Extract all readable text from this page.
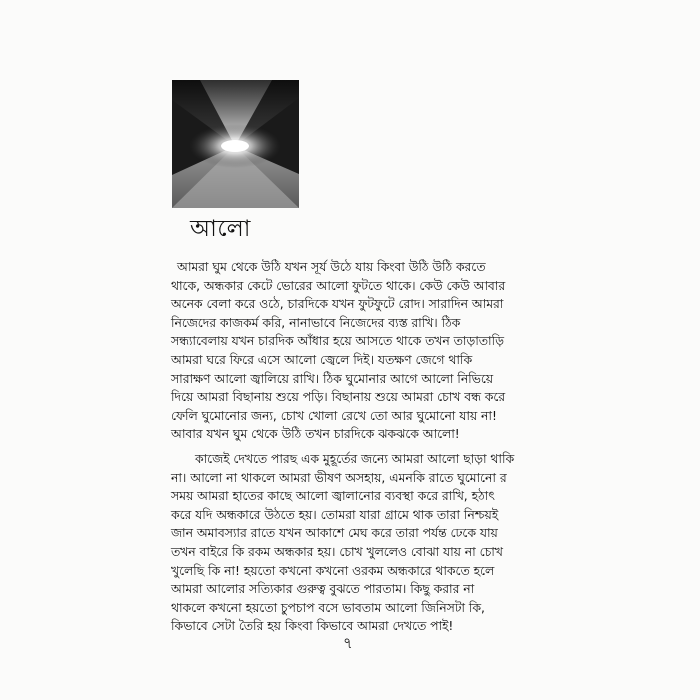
আলো

আমরা ঘুম থেকে উঠি যখন সূর্য উঠে যায় কিংবা উঠি উঠি করতে

থাকে, অন্ধকার কেটে ভোরের আলো ফুটতে থাকে। কেউ কেউ আবার

অনেক বেলা করে ওঠে, চারদিকে যখন ফুটফুটে রোদ। সারাদিন আমরা

নিজেদের কাজকর্ম করি, নানাভাবে নিজেদের ব্যস্ত রাখি। ঠিক

সন্ধ্যাবেলায় যখন চারদিক আঁধার হয়ে আসতে থাকে তখন তাড়াতাড়ি

আমরা ঘরে ফিরে এসে আলো জ্বেলে দিই। যতক্ষণ জেগে থাকি

সারাক্ষণ আলো জ্বালিয়ে রাখি। ঠিক ঘুমোনার আগে আলো নিভিয়ে

দিয়ে আমরা বিছানায় শুয়ে পড়ি। বিছানায় শুয়ে আমরা চোখ বন্ধ করে

ফেলি ঘুমোনোর জন্য, চোখ খোলা রেখে তো আর ঘুমোনো যায় না!

আবার যখন ঘুম থেকে উঠি তখন চারদিকে ঝকঝকে আলো!

কাজেই দেখতে পারছ এক মুহূর্তের জন্যে আমরা আলো ছাড়া থাকি

না। আলো না থাকলে আমরা ভীষণ অসহায়, এমনকি রাতে ঘুমোনো র

সময় আমরা হাতের কাছে আলো জ্বালানোর ব্যবস্থা করে রাখি, হঠাৎ

করে যদি অন্ধকারে উঠতে হয়। তোমরা যারা গ্রামে থাক তারা নিশ্চয়ই

জান অমাবস্যার রাতে যখন আকাশে মেঘ করে তারা পর্যন্ত ঢেকে যায়

তখন বাইরে কি রকম অন্ধকার হয়। চোখ খুললেও বোঝা যায় না চোখ

খুলেছি কি না! হয়তো কখনো কখনো ওরকম অন্ধকারে থাকতে হলে

আমরা আলোর সত্যিকার গুরুত্ব বুঝতে পারতাম। কিছু করার না

থাকলে কখনো হয়তো চুপচাপ বসে ভাবতাম আলো জিনিসটা কি,

কিভাবে সেটা তৈরি হয় কিংবা কিভাবে আমরা দেখতে পাই!

৭
